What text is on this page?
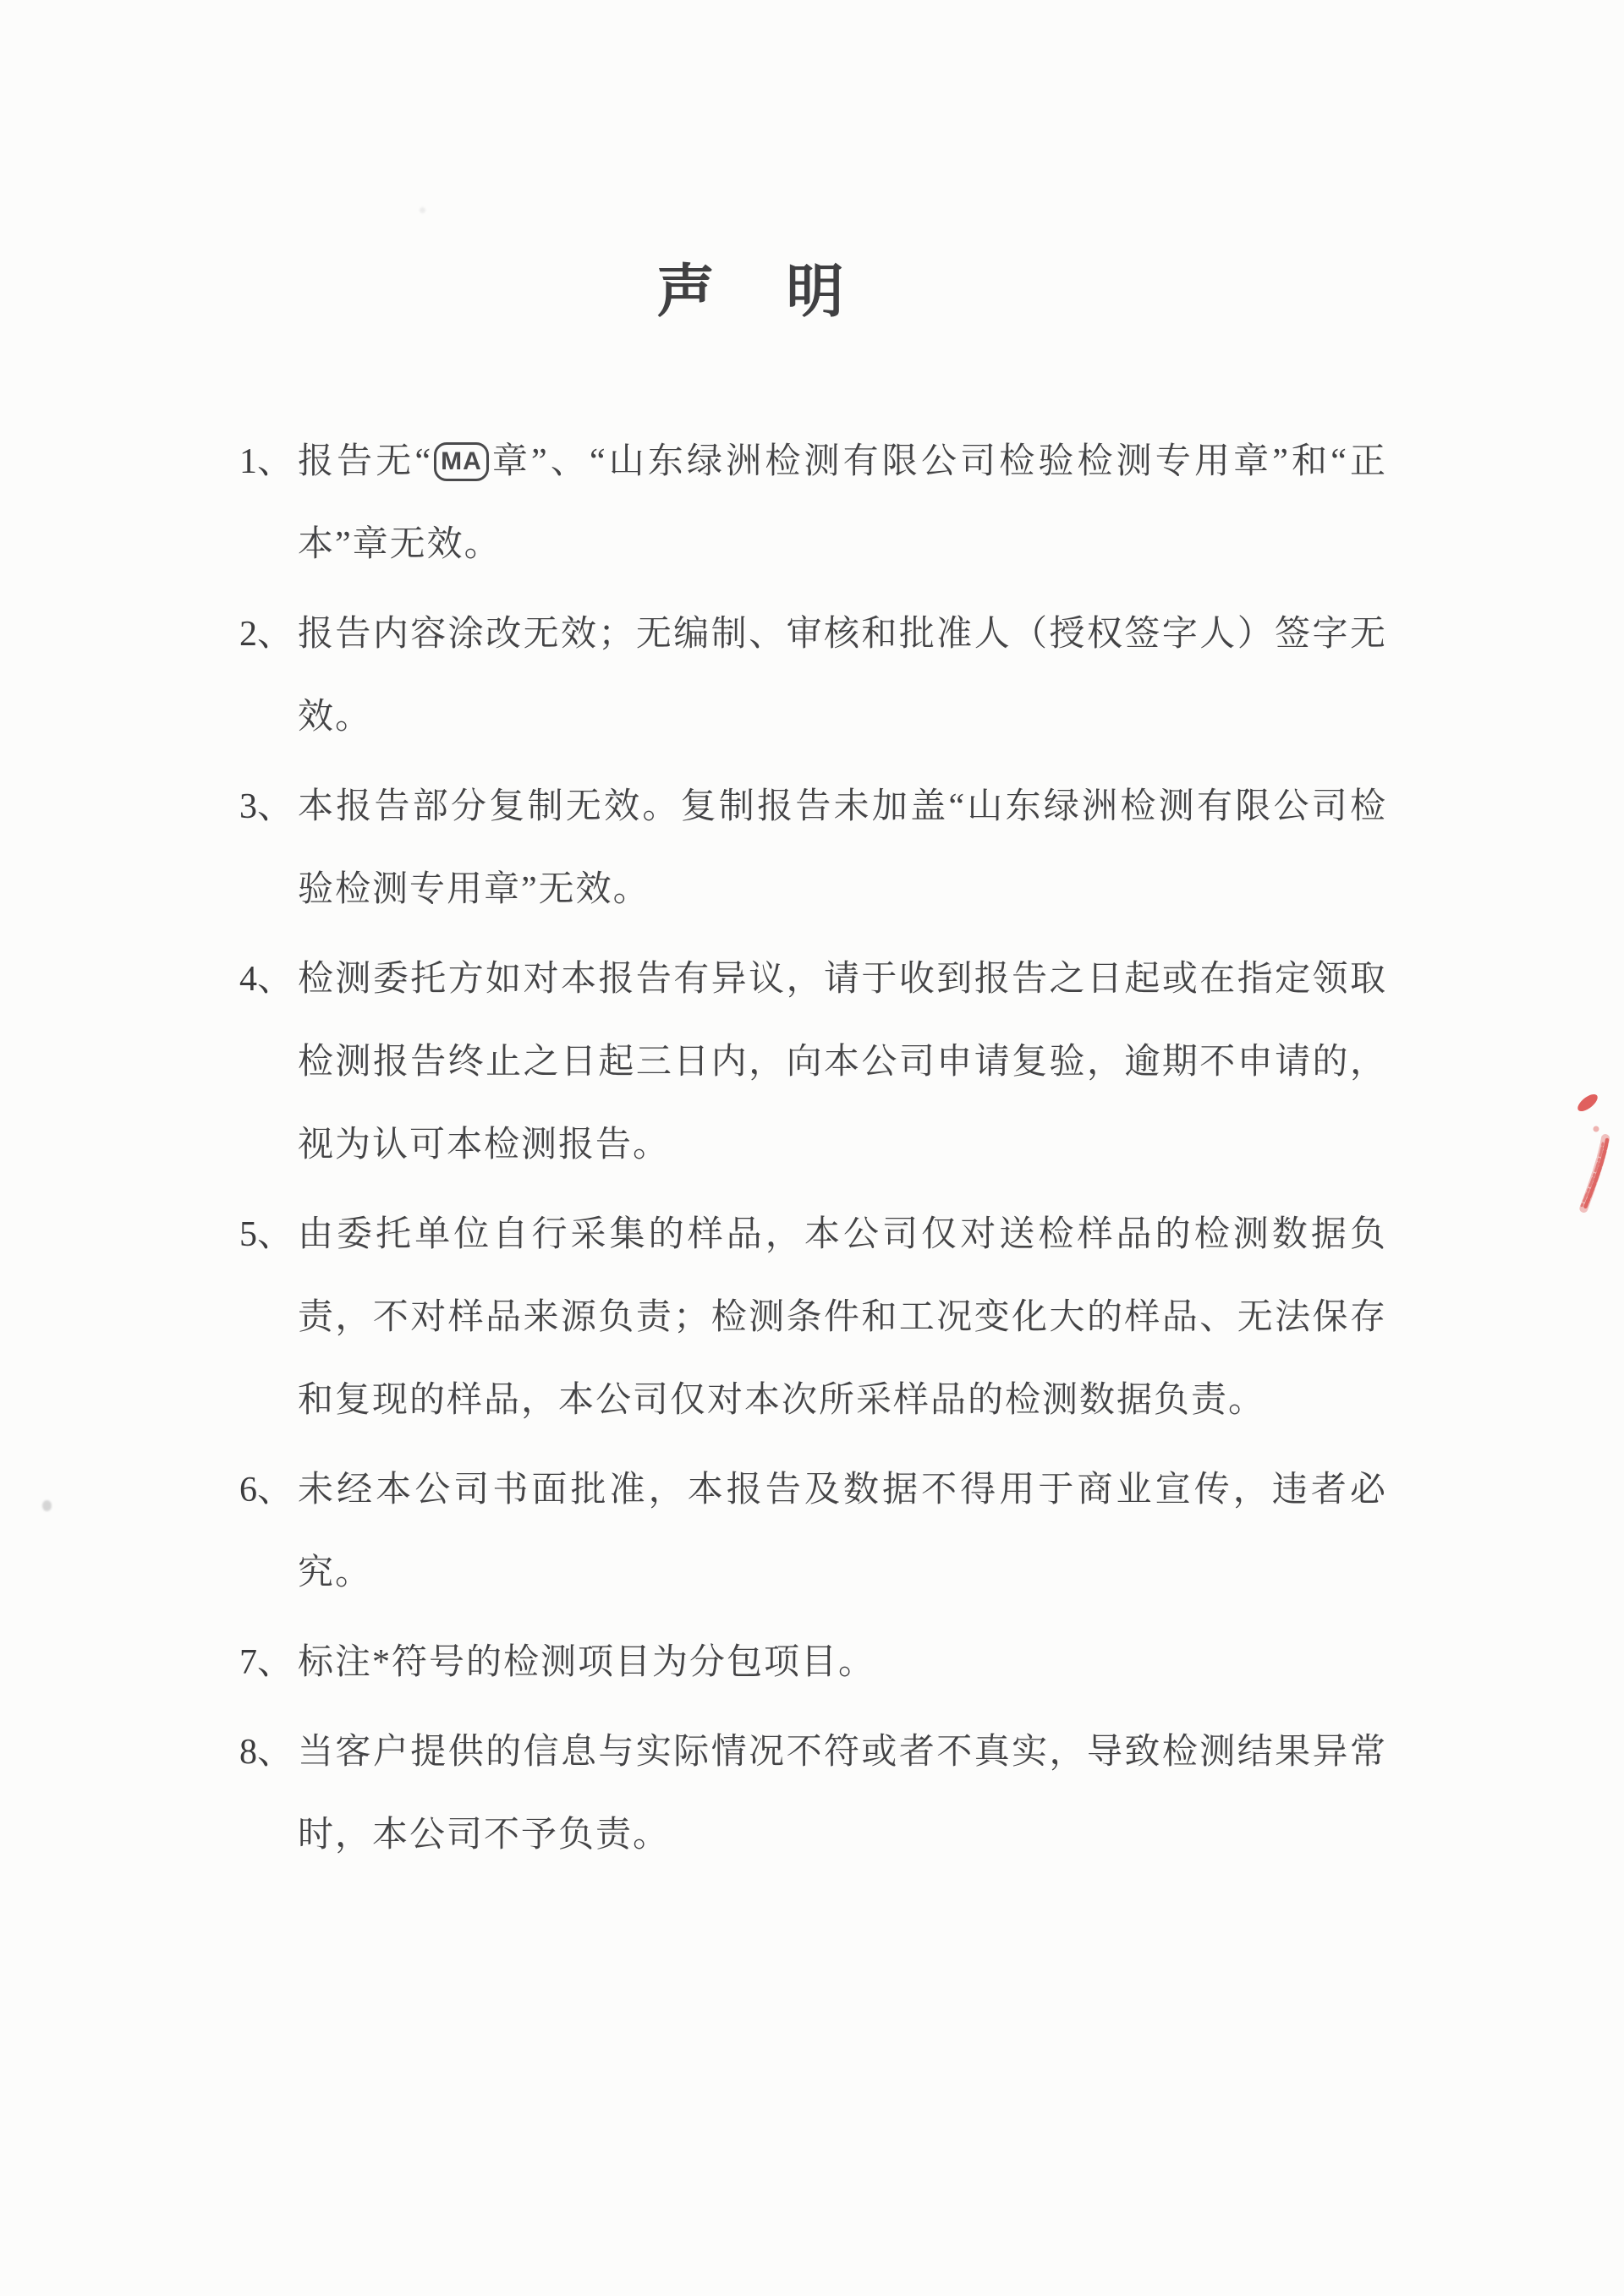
声 明

1、 报告无“ MA 章”、“山东绿洲检测有限公司检验检测专用章”和“正本”章无效。

2、 报告内容涂改无效；无编制、审核和批准人（授权签字人）签字无效。

3、 本报告部分复制无效。复制报告未加盖“山东绿洲检测有限公司检验检测专用章”无效。

4、 检测委托方如对本报告有异议，请于收到报告之日起或在指定领取检测报告终止之日起三日内，向本公司申请复验，逾期不申请的，视为认可本检测报告。

5、 由委托单位自行采集的样品，本公司仅对送检样品的检测数据负责，不对样品来源负责；检测条件和工况变化大的样品、无法保存和复现的样品，本公司仅对本次所采样品的检测数据负责。

6、 未经本公司书面批准，本报告及数据不得用于商业宣传，违者必究。

7、 标注*符号的检测项目为分包项目。

8、 当客户提供的信息与实际情况不符或者不真实，导致检测结果异常时，本公司不予负责。
